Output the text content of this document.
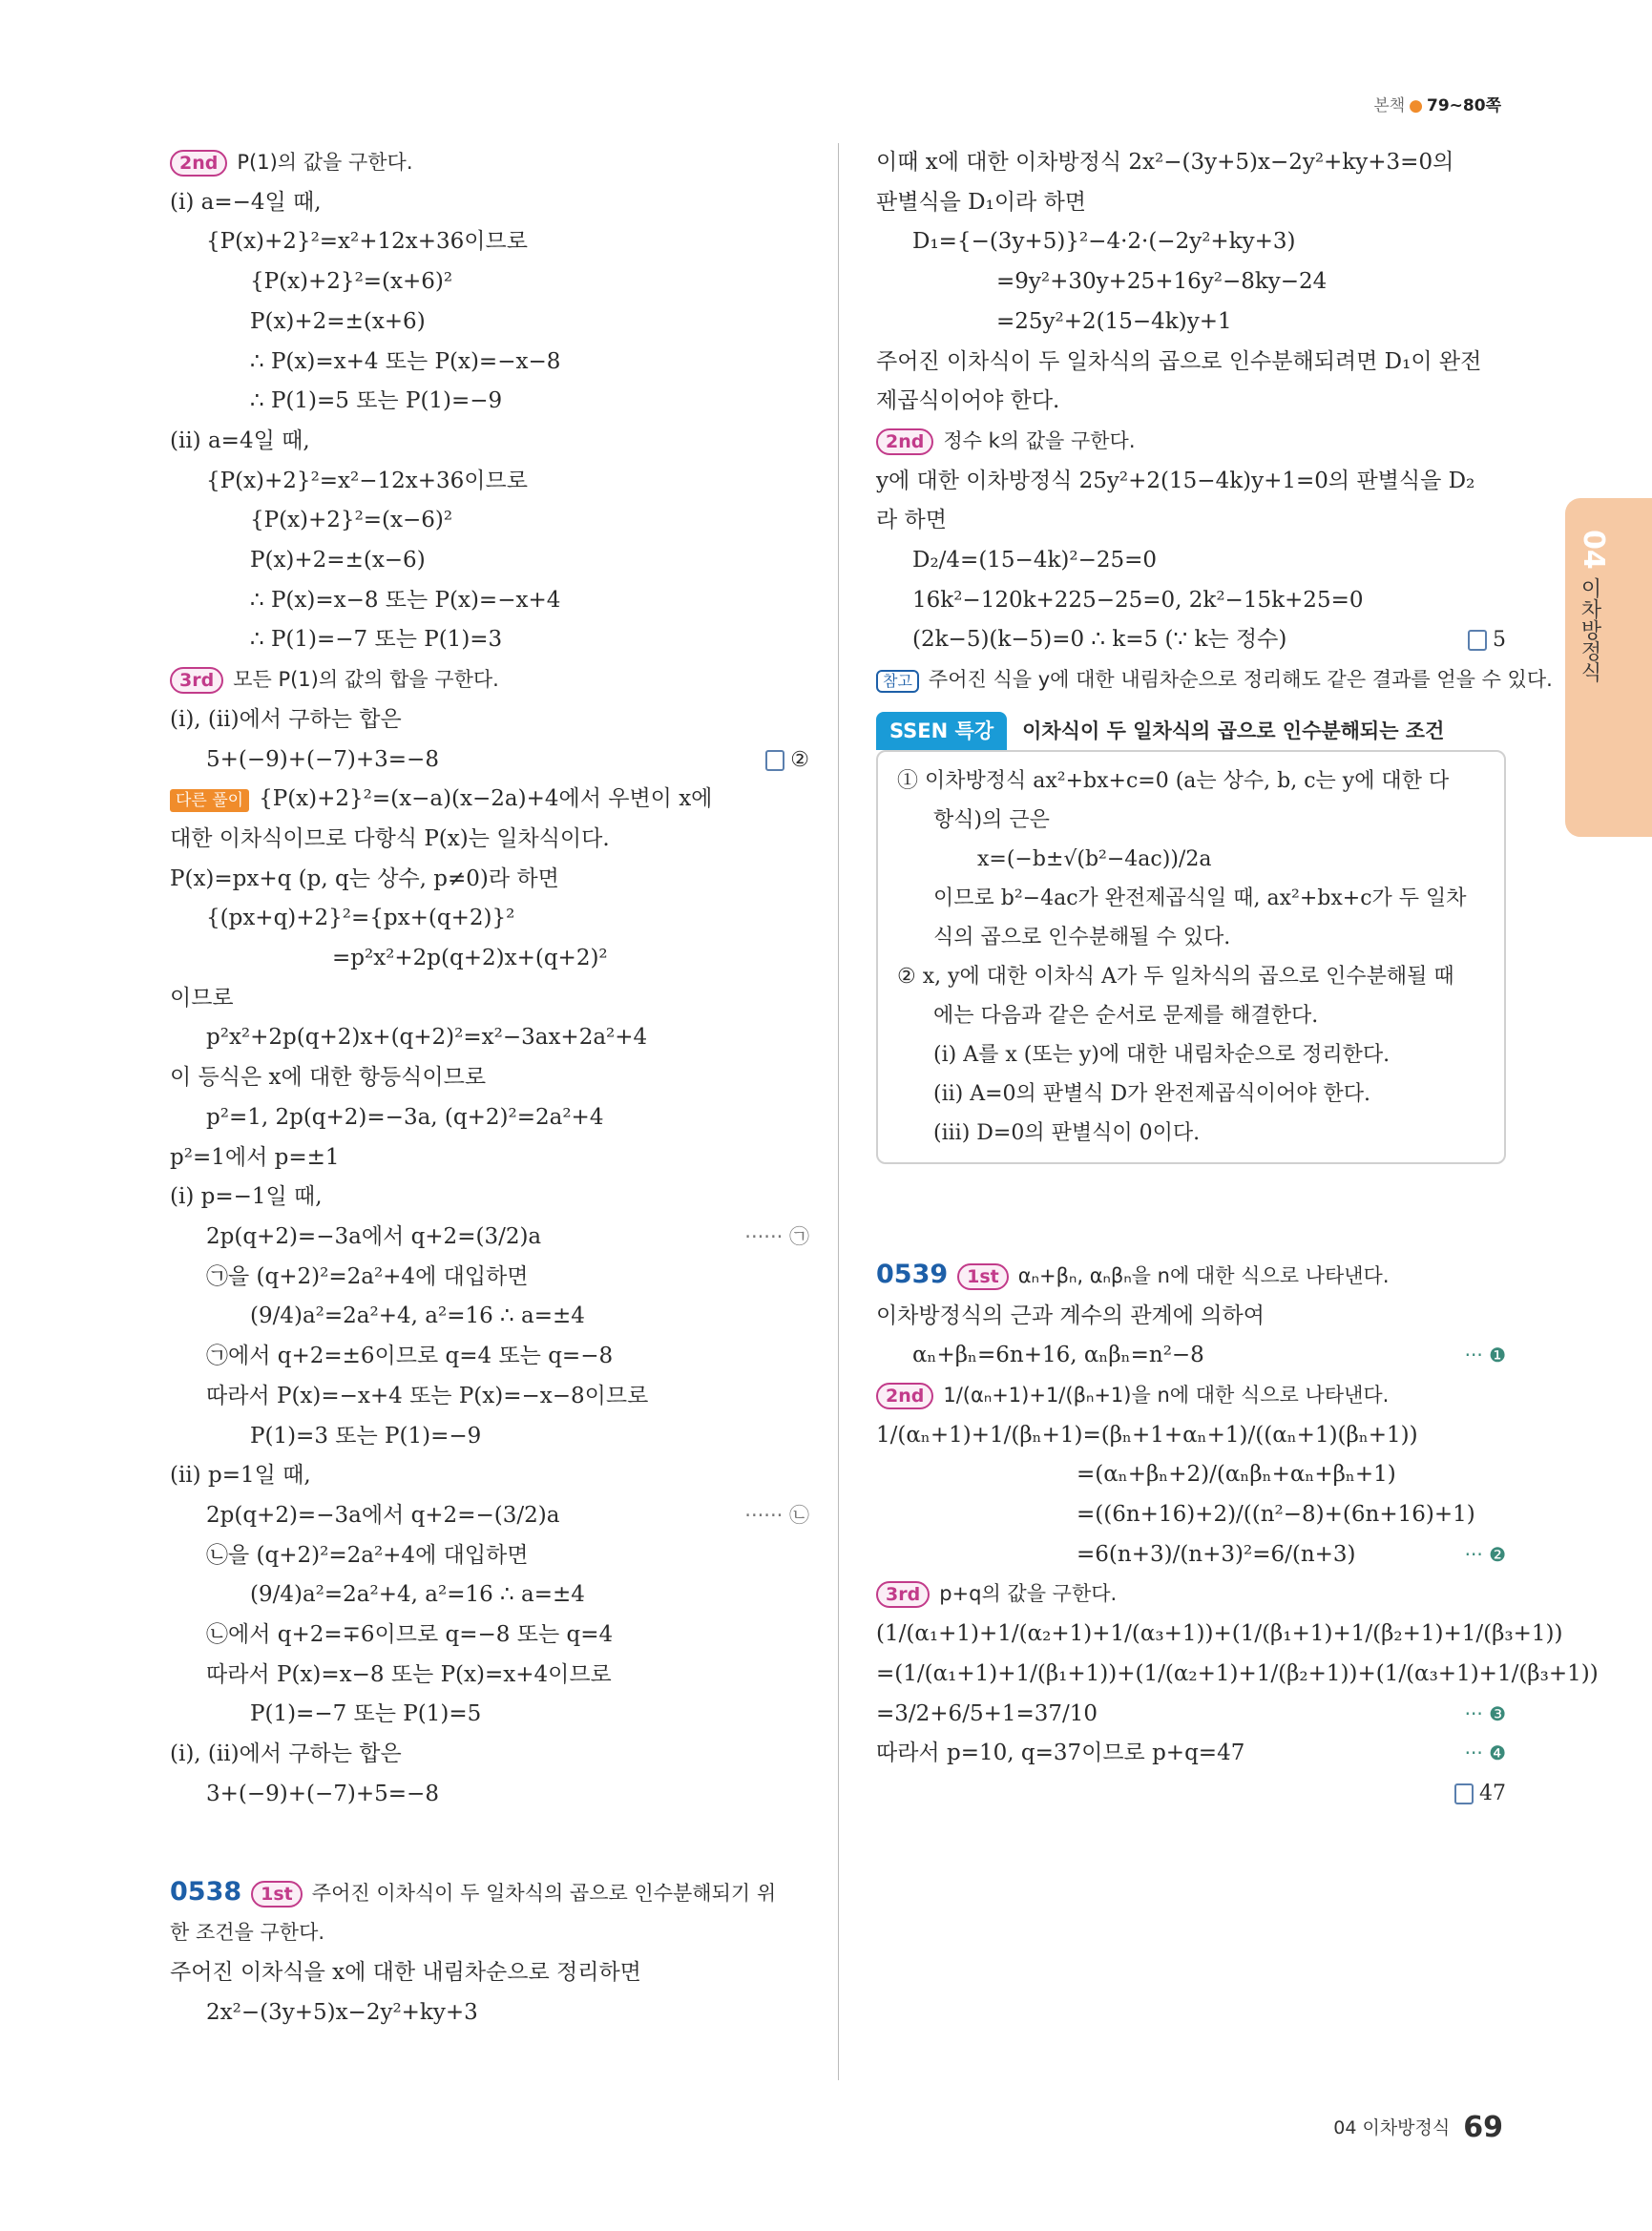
본책 ● 79~80쪽
2nd P(1)의 값을 구한다.
(i) a=−4일 때,
{P(x)+2}²=x²+12x+36이므로
{P(x)+2}²=(x+6)²
P(x)+2=±(x+6)
∴ P(x)=x+4 또는 P(x)=−x−8
∴ P(1)=5 또는 P(1)=−9
(ii) a=4일 때,
{P(x)+2}²=x²−12x+36이므로
{P(x)+2}²=(x−6)²
P(x)+2=±(x−6)
∴ P(x)=x−8 또는 P(x)=−x+4
∴ P(1)=−7 또는 P(1)=3
3rd 모든 P(1)의 값의 합을 구한다.
(i), (ii)에서 구하는 합은
5+(−9)+(−7)+3=−8	②
다른 풀이 {P(x)+2}²=(x−a)(x−2a)+4에서 우변이 x에
대한 이차식이므로 다항식 P(x)는 일차식이다.
P(x)=px+q (p, q는 상수, p≠0)라 하면
{(px+q)+2}²={px+(q+2)}²
=p²x²+2p(q+2)x+(q+2)²
이므로
p²x²+2p(q+2)x+(q+2)²=x²−3ax+2a²+4
이 등식은 x에 대한 항등식이므로
p²=1, 2p(q+2)=−3a, (q+2)²=2a²+4
p²=1에서 p=±1
(i) p=−1일 때,
2p(q+2)=−3a에서 q+2=(3/2)a	······ ㉠
㉠을 (q+2)²=2a²+4에 대입하면
(9/4)a²=2a²+4, a²=16 ∴ a=±4
㉠에서 q+2=±6이므로 q=4 또는 q=−8
따라서 P(x)=−x+4 또는 P(x)=−x−8이므로
P(1)=3 또는 P(1)=−9
(ii) p=1일 때,
2p(q+2)=−3a에서 q+2=−(3/2)a	······ ㉡
㉡을 (q+2)²=2a²+4에 대입하면
(9/4)a²=2a²+4, a²=16 ∴ a=±4
㉡에서 q+2=∓6이므로 q=−8 또는 q=4
따라서 P(x)=x−8 또는 P(x)=x+4이므로
P(1)=−7 또는 P(1)=5
(i), (ii)에서 구하는 합은
3+(−9)+(−7)+5=−8
0538 1st 주어진 이차식이 두 일차식의 곱으로 인수분해되기 위
한 조건을 구한다.
주어진 이차식을 x에 대한 내림차순으로 정리하면
2x²−(3y+5)x−2y²+ky+3
이때 x에 대한 이차방정식 2x²−(3y+5)x−2y²+ky+3=0의
판별식을 D₁이라 하면
D₁={−(3y+5)}²−4·2·(−2y²+ky+3)
=9y²+30y+25+16y²−8ky−24
=25y²+2(15−4k)y+1
주어진 이차식이 두 일차식의 곱으로 인수분해되려면 D₁이 완전
제곱식이어야 한다.
2nd 정수 k의 값을 구한다.
y에 대한 이차방정식 25y²+2(15−4k)y+1=0의 판별식을 D₂
라 하면
D₂/4=(15−4k)²−25=0
16k²−120k+225−25=0, 2k²−15k+25=0
(2k−5)(k−5)=0 ∴ k=5 (∵ k는 정수)	5
참고 주어진 식을 y에 대한 내림차순으로 정리해도 같은 결과를 얻을 수 있다.
SSEN 특강 이차식이 두 일차식의 곱으로 인수분해되는 조건
① 이차방정식 ax²+bx+c=0 (a는 상수, b, c는 y에 대한 다
항식)의 근은
x=(−b±√(b²−4ac))/2a
이므로 b²−4ac가 완전제곱식일 때, ax²+bx+c가 두 일차
식의 곱으로 인수분해될 수 있다.
② x, y에 대한 이차식 A가 두 일차식의 곱으로 인수분해될 때
에는 다음과 같은 순서로 문제를 해결한다.
(i) A를 x (또는 y)에 대한 내림차순으로 정리한다.
(ii) A=0의 판별식 D가 완전제곱식이어야 한다.
(iii) D=0의 판별식이 0이다.
0539 1st αₙ+βₙ, αₙβₙ을 n에 대한 식으로 나타낸다.
이차방정식의 근과 계수의 관계에 의하여
αₙ+βₙ=6n+16, αₙβₙ=n²−8	··· ❶
2nd 1/(αₙ+1)+1/(βₙ+1)을 n에 대한 식으로 나타낸다.
1/(αₙ+1)+1/(βₙ+1)=(βₙ+1+αₙ+1)/((αₙ+1)(βₙ+1))
=(αₙ+βₙ+2)/(αₙβₙ+αₙ+βₙ+1)
=((6n+16)+2)/((n²−8)+(6n+16)+1)
=6(n+3)/(n+3)²=6/(n+3)	··· ❷
3rd p+q의 값을 구한다.
(1/(α₁+1)+1/(α₂+1)+1/(α₃+1))+(1/(β₁+1)+1/(β₂+1)+1/(β₃+1))
=(1/(α₁+1)+1/(β₁+1))+(1/(α₂+1)+1/(β₂+1))+(1/(α₃+1)+1/(β₃+1))
=3/2+6/5+1=37/10	··· ❸
따라서 p=10, q=37이므로 p+q=47	··· ❹
47
04
이차방정식
04 이차방정식 69
